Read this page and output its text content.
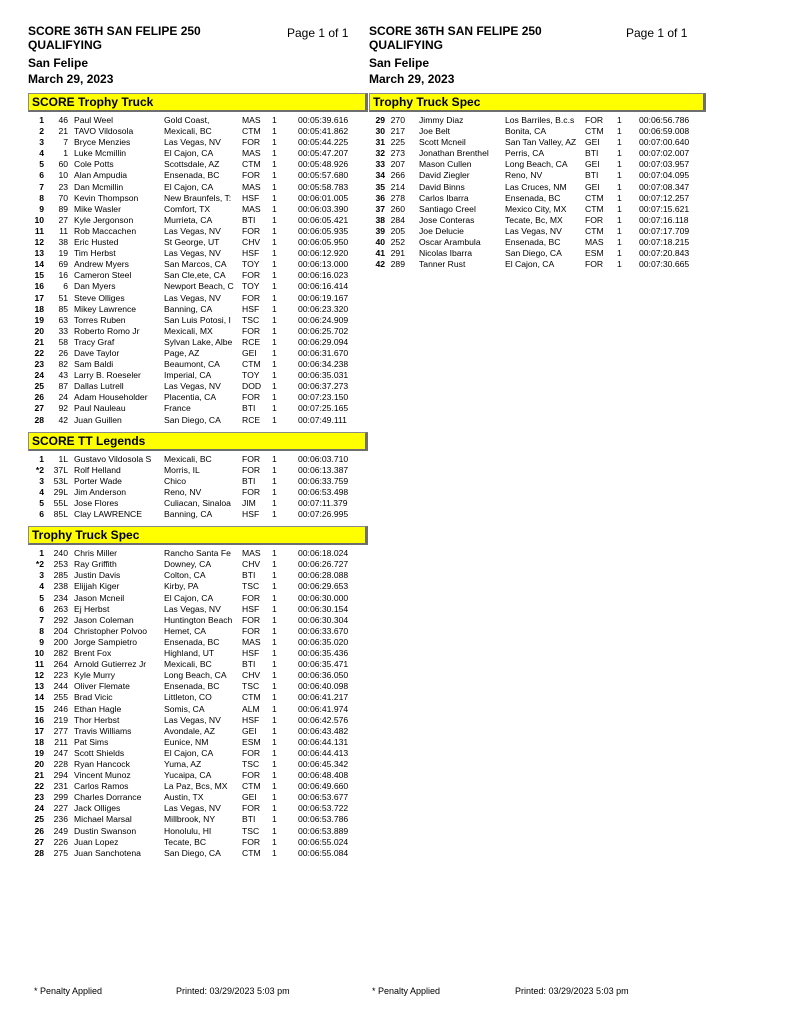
SCORE 36TH SAN FELIPE 250 QUALIFYING
Page 1 of 1
San Felipe
March 29, 2023
SCORE Trophy Truck
1	46 Paul Weel	Gold Coast,	MAS	1	00:05:39.616
2	21 TAVO Vildosola	Mexicali, BC	CTM	1	00:05:41.862
3	7 Bryce Menzies	Las Vegas, NV	FOR	1	00:05:44.225
4	1 Luke Mcmillin	El Cajon, CA	MAS	1	00:05:47.207
5	60 Cole Potts	Scottsdale, AZ	CTM	1	00:05:48.926
6	10 Alan Ampudia	Ensenada, BC	FOR	1	00:05:57.680
7	23 Dan Mcmillin	El Cajon, CA	MAS	1	00:05:58.783
8	70 Kevin Thompson	New Braunfels, T:	HSF	1	00:06:01.005
9	89 Mike Wasler	Comfort, TX	MAS	1	00:06:03.390
10	27 Kyle Jergonson	Murrieta, CA	BTI	1	00:06:05.421
11	11 Rob Maccachen	Las Vegas, NV	FOR	1	00:06:05.935
12	38 Eric Husted	St George, UT	CHV	1	00:06:05.950
13	19 Tim Herbst	Las Vegas, NV	HSF	1	00:06:12.920
14	69 Andrew Myers	San Marcos, CA	TOY	1	00:06:13.000
15	16 Cameron Steel	San Cle,ete, CA	FOR	1	00:06:16.023
16	6 Dan Myers	Newport Beach, C TOY	1	00:06:16.414
17	51 Steve Olliges	Las Vegas, NV	FOR	1	00:06:19.167
18	85 Mikey Lawrence	Banning, CA	HSF	1	00:06:23.320
19	63 Torres Ruben	San Luis Potosi, I	TSC	1	00:06:24.909
20	33 Roberto Romo Jr	Mexicali, MX	FOR	1	00:06:25.702
21	58 Tracy Graf	Sylvan Lake, Albe	RCE	1	00:06:29.094
22	26 Dave Taylor	Page, AZ	GEI	1	00:06:31.670
23	82 Sam Baldi	Beaumont, CA	CTM	1	00:06:34.238
24	43 Larry B. Roeseler	Imperial, CA	TOY	1	00:06:35.031
25	87 Dallas Lutrell	Las Vegas, NV	DOD	1	00:06:37.273
26	24 Adam Householder	Placentia, CA	FOR	1	00:07:23.150
27	92 Paul Nauleau	France	BTI	1	00:07:25.165
28	42 Juan Guillen	San Diego, CA	RCE	1	00:07:49.111
SCORE TT Legends
1	1L Gustavo Vildosola S	Mexicali, BC	FOR	1	00:06:03.710
*2	37L Rolf Helland	Morris, IL	FOR	1	00:06:13.387
3	53L Porter Wade	Chico	BTI	1	00:06:33.759
4	29L Jim Anderson	Reno, NV	FOR	1	00:06:53.498
5	55L Jose Flores	Culiacan, Sinaloa	JIM	1	00:07:11.379
6	85L Clay LAWRENCE	Banning, CA	HSF	1	00:07:26.995
Trophy Truck Spec
1	240 Chris Miller	Rancho Santa Fe	MAS	1	00:06:18.024
*2	253 Ray Griffith	Downey, CA	CHV	1	00:06:26.727
3	285 Justin Davis	Colton, CA	BTI	1	00:06:28.088
4	238 Elijjah Kiger	Kirby, PA	TSC	1	00:06:29.653
5	234 Jason Mcneil	El Cajon, CA	FOR	1	00:06:30.000
6	263 Ej Herbst	Las Vegas, NV	HSF	1	00:06:30.154
7	292 Jason Coleman	Huntington Beach	FOR	1	00:06:30.304
8	204 Christopher Polvoo	Hemet, CA	FOR	1	00:06:33.670
9	200 Jorge Sampietro	Ensenada, BC	MAS	1	00:06:35.020
10	282 Brent Fox	Highland, UT	HSF	1	00:06:35.436
11	264 Arnold Gutierrez Jr	Mexicali, BC	BTI	1	00:06:35.471
12	223 Kyle Murry	Long Beach, CA	CHV	1	00:06:36.050
13	244 Oliver Flemate	Ensenada, BC	TSC	1	00:06:40.098
14	255 Brad Vicic	Littleton, CO	CTM	1	00:06:41.217
15	246 Ethan Hagle	Somis, CA	ALM	1	00:06:41.974
16	219 Thor Herbst	Las Vegas, NV	HSF	1	00:06:42.576
17	277 Travis Williams	Avondale, AZ	GEI	1	00:06:43.482
18	211 Pat Sims	Eunice, NM	ESM	1	00:06:44.131
19	247 Scott Shields	El Cajon, CA	FOR	1	00:06:44.413
20	228 Ryan Hancock	Yuma, AZ	TSC	1	00:06:45.342
21	294 Vincent Munoz	Yucaipa, CA	FOR	1	00:06:48.408
22	231 Carlos Ramos	La Paz, Bcs, MX	CTM	1	00:06:49.660
23	299 Charles Dorrance	Austin, TX	GEI	1	00:06:53.677
24	227 Jack Olliges	Las Vegas, NV	FOR	1	00:06:53.722
25	236 Michael Marsal	Millbrook, NY	BTI	1	00:06:53.786
26	249 Dustin Swanson	Honolulu, HI	TSC	1	00:06:53.889
27	226 Juan Lopez	Tecate, BC	FOR	1	00:06:55.024
28	275 Juan Sanchotena	San Diego, CA	CTM	1	00:06:55.084
SCORE 36TH SAN FELIPE 250 QUALIFYING
Page 1 of 1
San Felipe
March 29, 2023
Trophy Truck Spec
29 270 Jimmy Diaz	Los Barriles, B.c.s	FOR	1	00:06:56.786
30 217 Joe Belt	Bonita, CA	CTM	1	00:06:59.008
31 225 Scott Mcneil	San Tan Valley, AZ	GEI	1	00:07:00.640
32 273 Jonathan Brenthel	Perris, CA	BTI	1	00:07:02.007
33 207 Mason Cullen	Long Beach, CA	GEI	1	00:07:03.957
34 266 David Ziegler	Reno, NV	BTI	1	00:07:04.095
35 214 David Binns	Las Cruces, NM	GEI	1	00:07:08.347
36 278 Carlos Ibarra	Ensenada, BC	CTM	1	00:07:12.257
37 260 Santiago Creel	Mexico City, MX	CTM	1	00:07:15.621
38 284 Jose Conteras	Tecate, Bc, MX	FOR	1	00:07:16.118
39 205 Joe Delucie	Las Vegas, NV	CTM	1	00:07:17.709
40 252 Oscar Arambula	Ensenada, BC	MAS	1	00:07:18.215
41 291 Nicolas Ibarra	San Diego, CA	ESM	1	00:07:20.843
42 289 Tanner Rust	El Cajon, CA	FOR	1	00:07:30.665
* Penalty Applied	Printed: 03/29/2023 5:03 pm	* Penalty Applied	Printed: 03/29/2023 5:03 pm
